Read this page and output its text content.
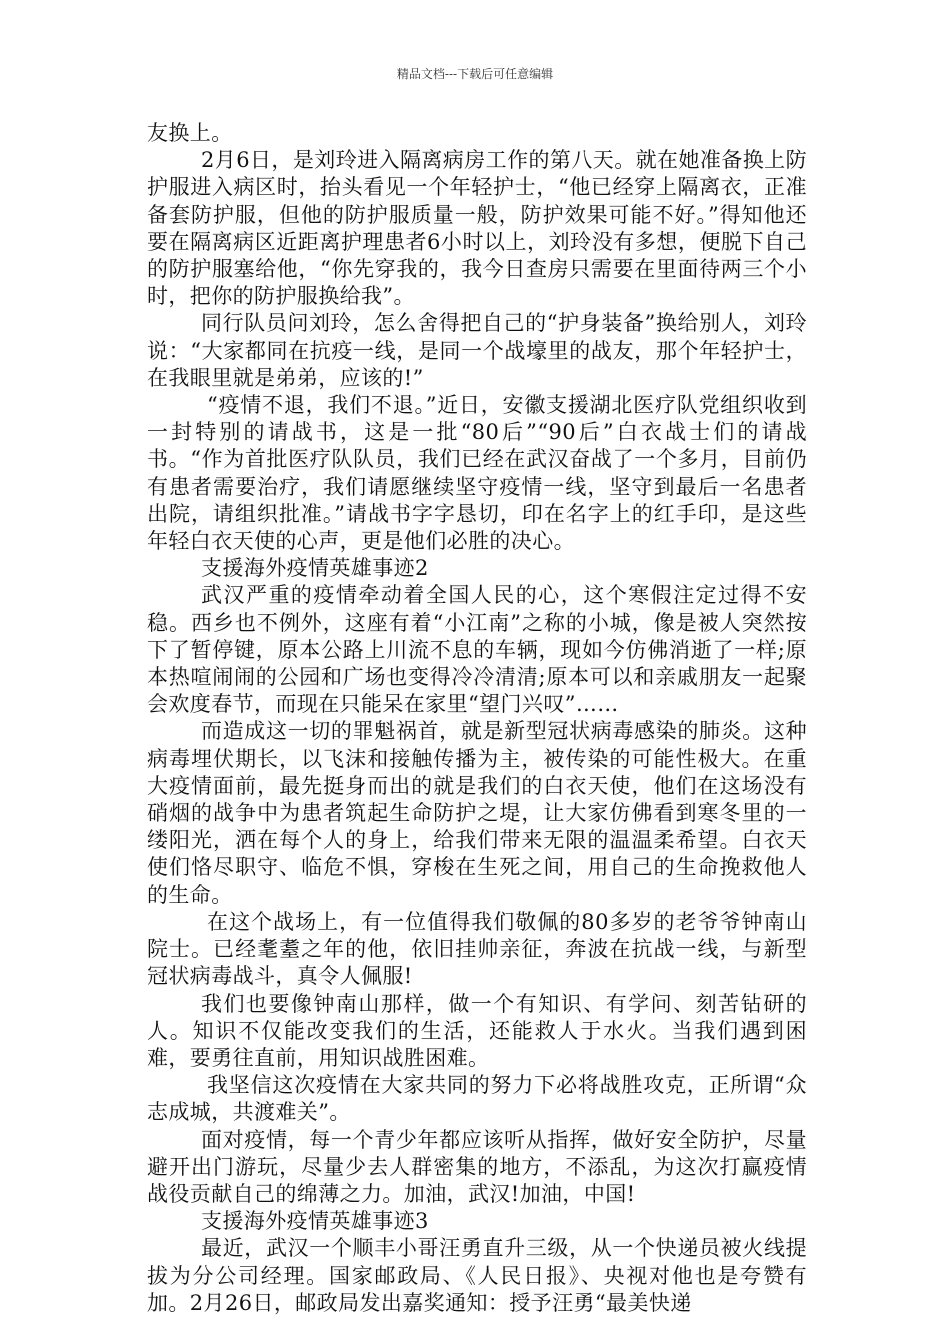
精品文档---下载后可任意编辑

友换上。

2月6日，是刘玲进入隔离病房工作的第八天。就在她准备换上防护服进入病区时，抬头看见一个年轻护士，“他已经穿上隔离衣，正准备套防护服，但他的防护服质量一般，防护效果可能不好。”得知他还要在隔离病区近距离护理患者6小时以上，刘玲没有多想，便脱下自己的防护服塞给他，“你先穿我的，我今日查房只需要在里面待两三个小时，把你的防护服换给我”。

同行队员问刘玲，怎么舍得把自己的“护身装备”换给别人，刘玲说：“大家都同在抗疫一线，是同一个战壕里的战友，那个年轻护士，在我眼里就是弟弟，应该的!”

“疫情不退，我们不退。”近日，安徽支援湖北医疗队党组织收到一封特别的请战书，这是一批“80后”“90后”白衣战士们的请战书。“作为首批医疗队队员，我们已经在武汉奋战了一个多月，目前仍有患者需要治疗，我们请愿继续坚守疫情一线，坚守到最后一名患者出院，请组织批准。”请战书字字恳切，印在名字上的红手印，是这些年轻白衣天使的心声，更是他们必胜的决心。

支援海外疫情英雄事迹2

武汉严重的疫情牵动着全国人民的心，这个寒假注定过得不安稳。西乡也不例外，这座有着“小江南”之称的小城，像是被人突然按下了暂停键，原本公路上川流不息的车辆，现如今仿佛消逝了一样;原本热喧闹闹的公园和广场也变得冷冷清清;原本可以和亲戚朋友一起聚会欢度春节，而现在只能呆在家里“望门兴叹”……

而造成这一切的罪魁祸首，就是新型冠状病毒感染的肺炎。这种病毒埋伏期长，以飞沫和接触传播为主，被传染的可能性极大。在重大疫情面前，最先挺身而出的就是我们的白衣天使，他们在这场没有硝烟的战争中为患者筑起生命防护之堤，让大家仿佛看到寒冬里的一缕阳光，洒在每个人的身上，给我们带来无限的温温柔希望。白衣天使们恪尽职守、临危不惧，穿梭在生死之间，用自己的生命挽救他人的生命。

在这个战场上，有一位值得我们敬佩的80多岁的老爷爷钟南山院士。已经耄耋之年的他，依旧挂帅亲征，奔波在抗战一线，与新型冠状病毒战斗，真令人佩服!

我们也要像钟南山那样，做一个有知识、有学问、刻苦钻研的人。知识不仅能改变我们的生活，还能救人于水火。当我们遇到困难，要勇往直前，用知识战胜困难。

我坚信这次疫情在大家共同的努力下必将战胜攻克，正所谓“众志成城，共渡难关”。

面对疫情，每一个青少年都应该听从指挥，做好安全防护，尽量避开出门游玩，尽量少去人群密集的地方，不添乱，为这次打赢疫情战役贡献自己的绵薄之力。加油，武汉!加油，中国!

支援海外疫情英雄事迹3

最近，武汉一个顺丰小哥汪勇直升三级，从一个快递员被火线提拔为分公司经理。国家邮政局、《人民日报》、央视对他也是夸赞有加。2月26日，邮政局发出嘉奖通知：授予汪勇“最美快递
